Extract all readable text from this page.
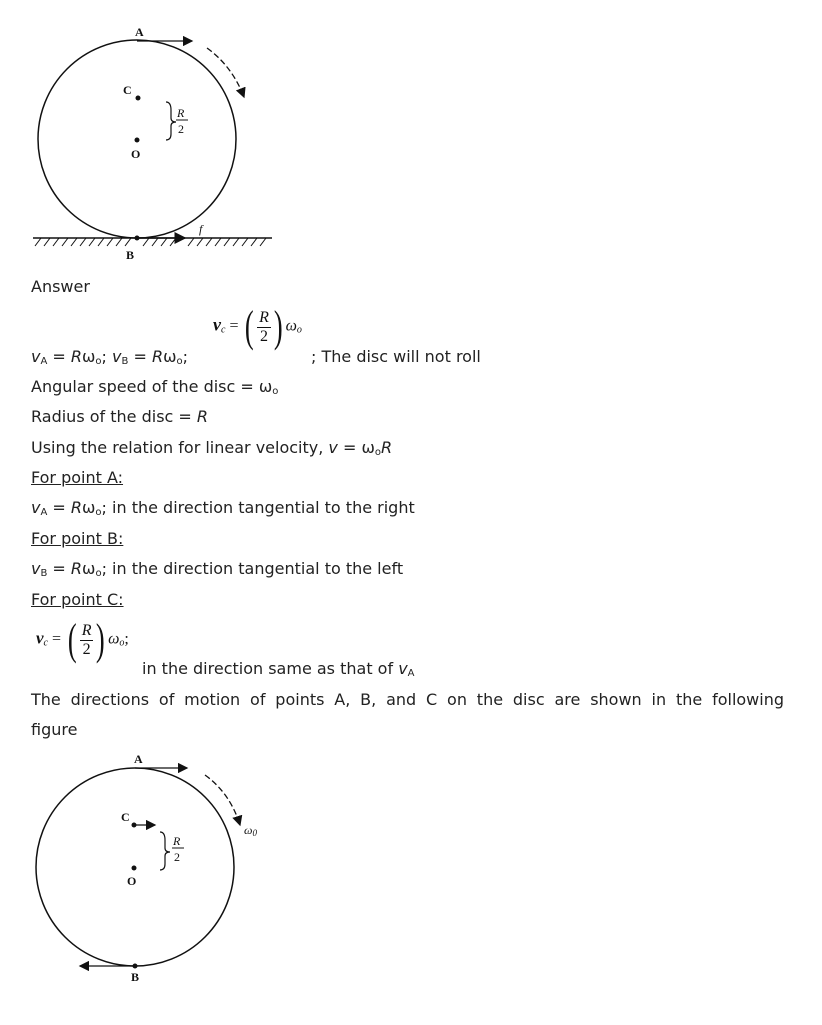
A
C
O
R
2
f
B
Answer
$v_c$ = ( $\frac{R}{2}$ ) $\omega_o$
$v_A = R\omega_o$; $v_B = R\omega_o$;	; The disc will not roll
Angular speed of the disc = $\omega_o$
Radius of the disc = R
Using the relation for linear velocity, $v = \omega_oR$
For point A:
$v_A = R\omega_o$; in the direction tangential to the right
For point B:
$v_B = R\omega_o$; in the direction tangential to the left
For point C:
$v_c$ = ( $\frac{R}{2}$ ) $\omega_o$;
in the direction same as that of $v_A$
The directions of motion of points A, B, and C on the disc are shown in the following
figure
A
C
O
R
2
ω0
B
